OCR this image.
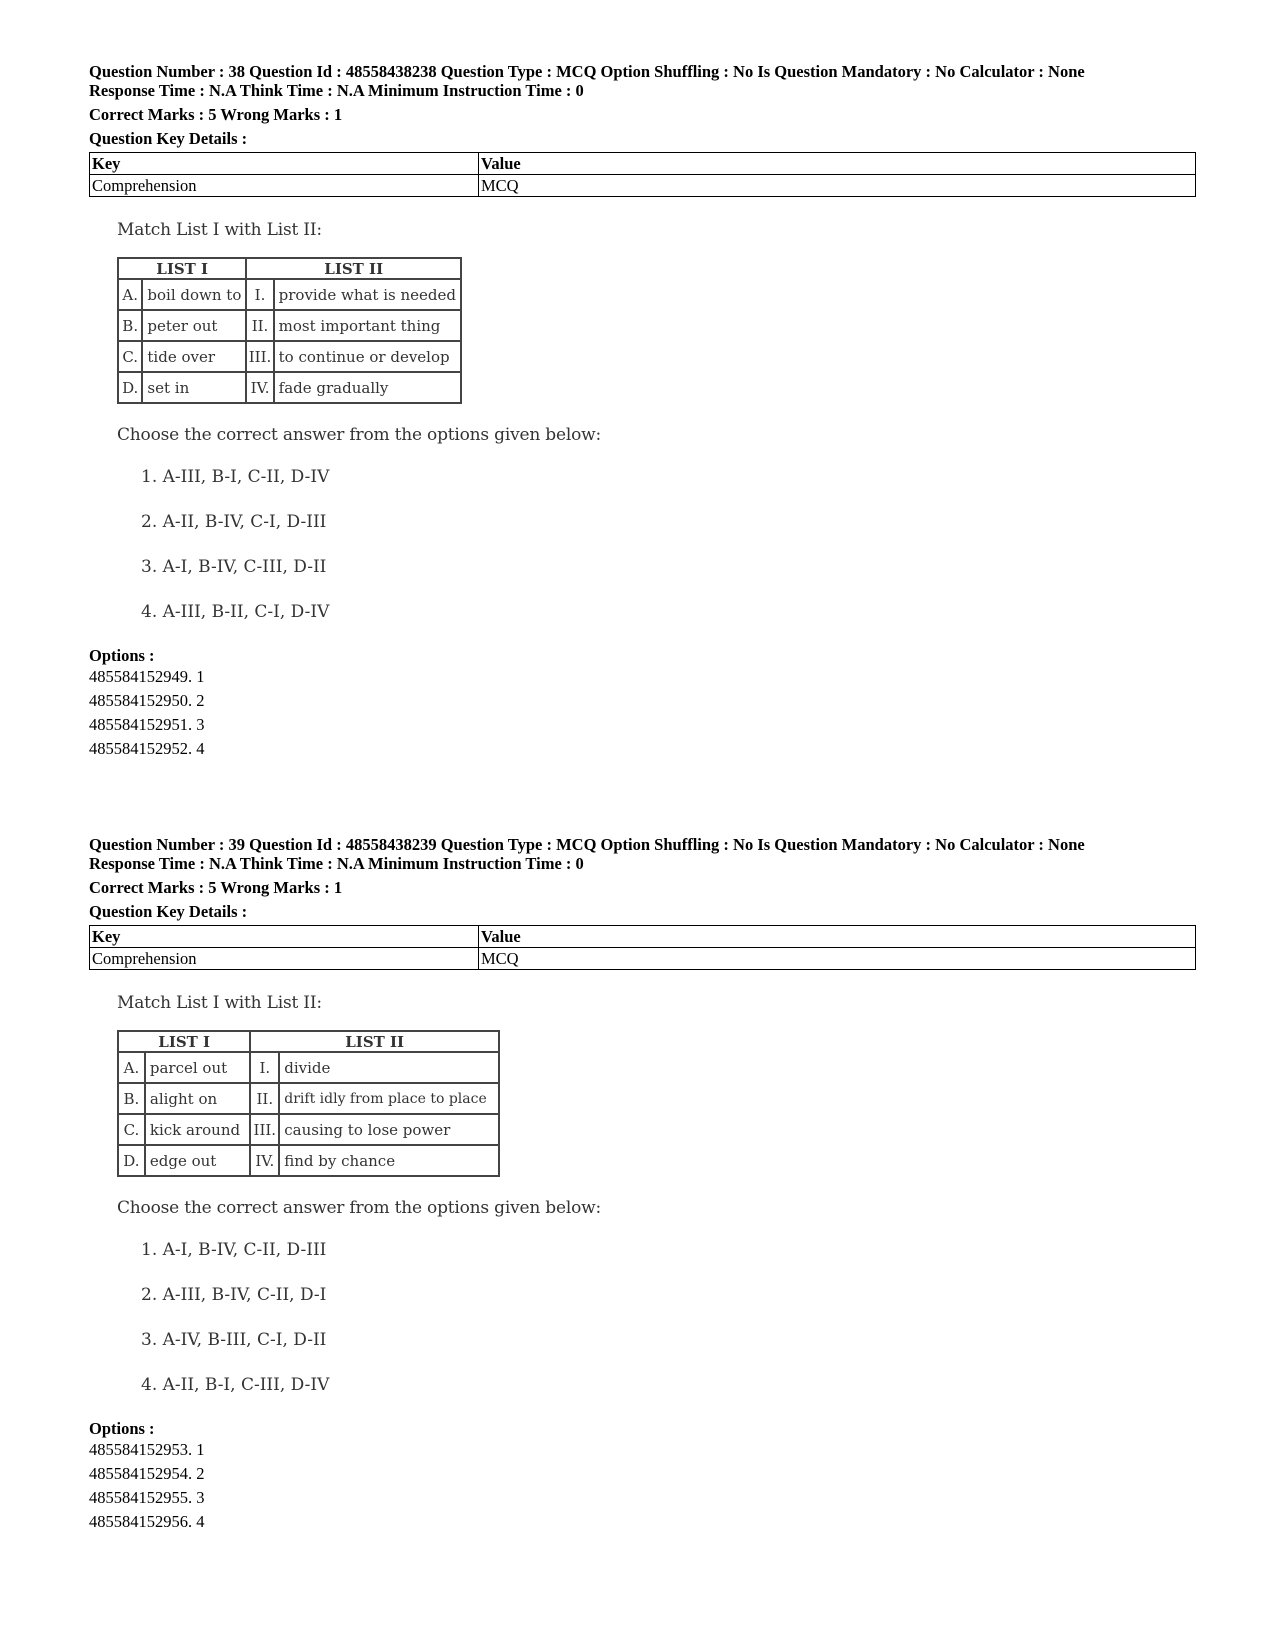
Question Number : 38 Question Id : 48558438238 Question Type : MCQ Option Shuffling : No Is Question Mandatory : No Calculator : None

Response Time : N.A Think Time : N.A Minimum Instruction Time : 0

Correct Marks : 5 Wrong Marks : 1
Question Key Details :
Key	Value
Comprehension	MCQ
Match List I with List II:
LIST I		LIST II	
A.	boil down to	I.	provide what is needed
B.	peter out	II.	most important thing
C.	tide over	III.	to continue or develop
D.	set in	IV.	fade gradually
Choose the correct answer from the options given below:
1. A-III, B-I, C-II, D-IV
2. A-II, B-IV, C-I, D-III
3. A-I, B-IV, C-III, D-II
4. A-III, B-II, C-I, D-IV
Options :
485584152949. 1
485584152950. 2
485584152951. 3
485584152952. 4

Question Number : 39 Question Id : 48558438239 Question Type : MCQ Option Shuffling : No Is Question Mandatory : No Calculator : None

Response Time : N.A Think Time : N.A Minimum Instruction Time : 0

Correct Marks : 5 Wrong Marks : 1
Question Key Details :
Key	Value
Comprehension	MCQ
Match List I with List II:
LIST I		LIST II	
A.	parcel out	I.	divide
B.	alight on	II.	drift idly from place to place
C.	kick around	III.	causing to lose power
D.	edge out	IV.	find by chance
Choose the correct answer from the options given below:
1. A-I, B-IV, C-II, D-III
2. A-III, B-IV, C-II, D-I
3. A-IV, B-III, C-I, D-II
4. A-II, B-I, C-III, D-IV
Options :
485584152953. 1
485584152954. 2
485584152955. 3
485584152956. 4
